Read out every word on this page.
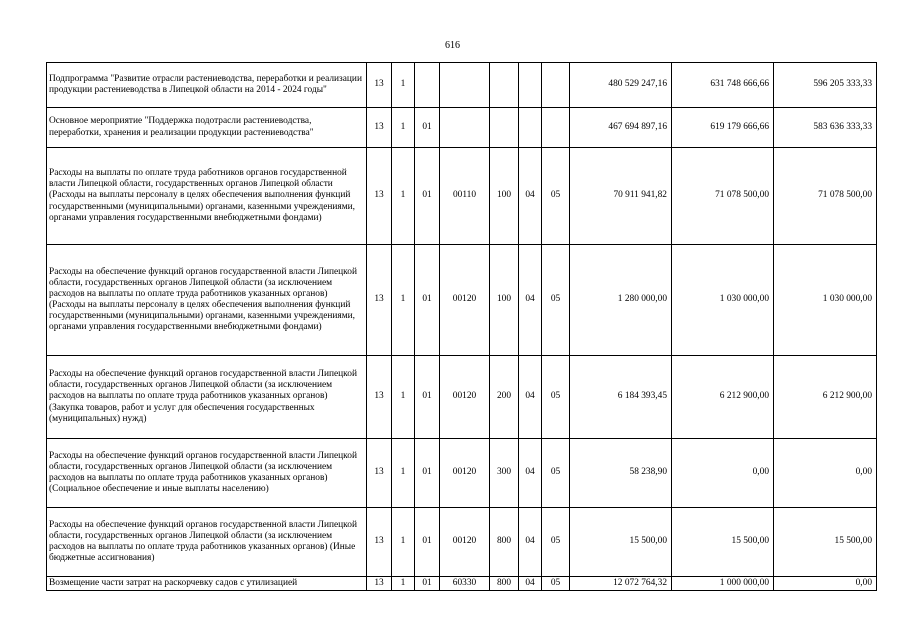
616
Подпрограмма "Развитие отрасли растениеводства, переработки и реализации продукции растениеводства в Липецкой области на 2014 - 2024 годы"	13	1						480 529 247,16	631 748 666,66	596 205 333,33
Основное мероприятие "Поддержка подотрасли растениеводства, переработки, хранения и реализации продукции растениеводства"	13	1	01					467 694 897,16	619 179 666,66	583 636 333,33
Расходы на выплаты по оплате труда работников органов государственной власти Липецкой области, государственных органов Липецкой области (Расходы на выплаты персоналу в целях обеспечения выполнения функций государственными (муниципальными) органами, казенными учреждениями, органами управления государственными внебюджетными фондами)	13	1	01	00110	100	04	05	70 911 941,82	71 078 500,00	71 078 500,00
Расходы на обеспечение функций органов государственной власти Липецкой области, государственных органов Липецкой области (за исключением расходов на выплаты по оплате труда работников указанных органов) (Расходы на выплаты персоналу в целях обеспечения выполнения функций государственными (муниципальными) органами, казенными учреждениями, органами управления государственными внебюджетными фондами)	13	1	01	00120	100	04	05	1 280 000,00	1 030 000,00	1 030 000,00
Расходы на обеспечение функций органов государственной власти Липецкой области, государственных органов Липецкой области (за исключением расходов на выплаты по оплате труда работников указанных органов) (Закупка товаров, работ и услуг для обеспечения государственных (муниципальных) нужд)	13	1	01	00120	200	04	05	6 184 393,45	6 212 900,00	6 212 900,00
Расходы на обеспечение функций органов государственной власти Липецкой области, государственных органов Липецкой области (за исключением расходов на выплаты по оплате труда работников указанных органов) (Социальное обеспечение и иные выплаты населению)	13	1	01	00120	300	04	05	58 238,90	0,00	0,00
Расходы на обеспечение функций органов государственной власти Липецкой области, государственных органов Липецкой области (за исключением расходов на выплаты по оплате труда работников указанных органов) (Иные бюджетные ассигнования)	13	1	01	00120	800	04	05	15 500,00	15 500,00	15 500,00
Возмещение части затрат на раскорчевку садов с утилизацией	13	1	01	60330	800	04	05	12 072 764,32	1 000 000,00	0,00
